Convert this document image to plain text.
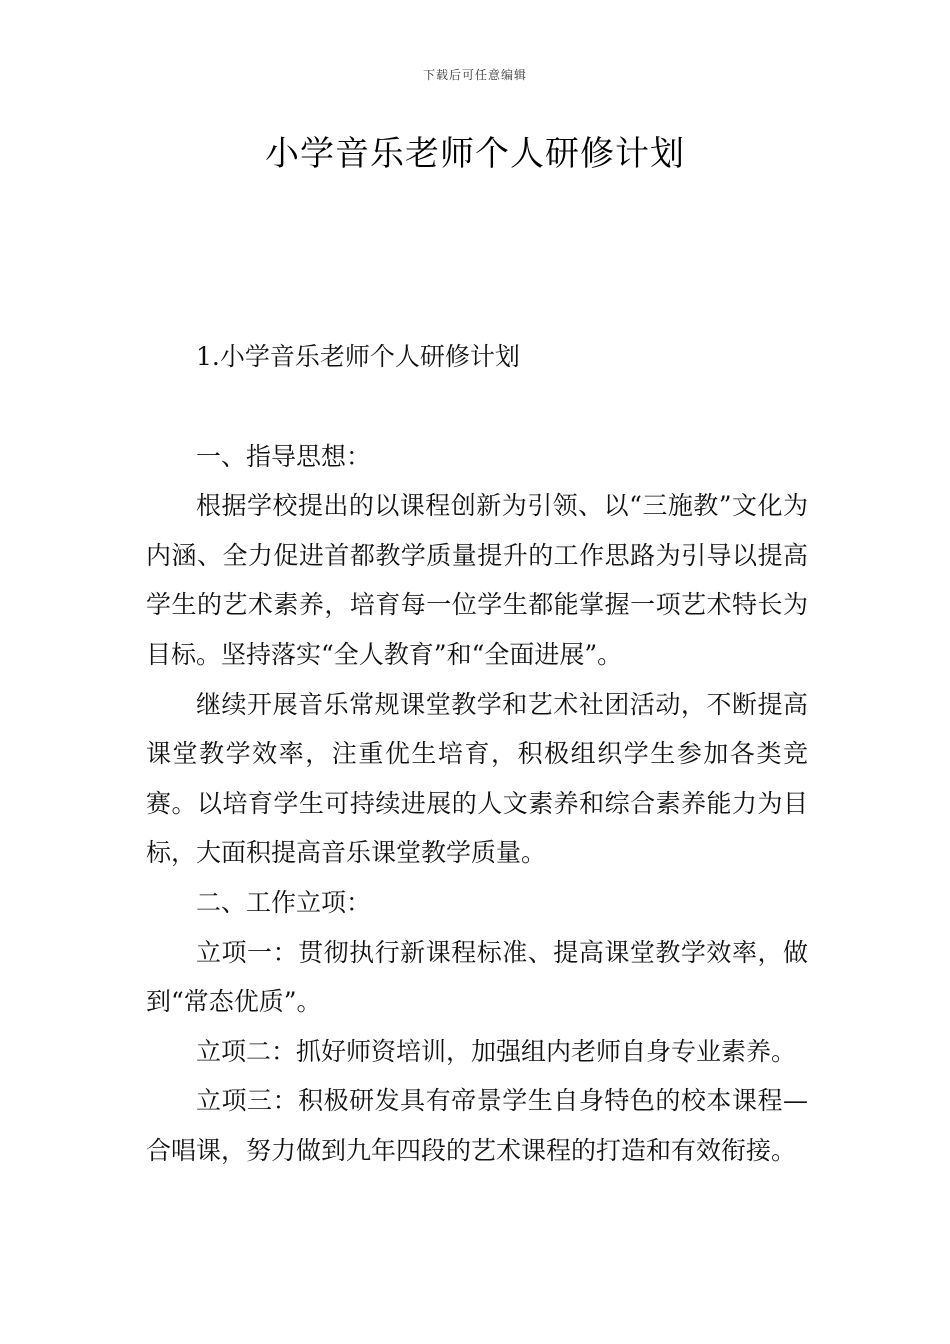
下载后可任意编辑
小学音乐老师个人研修计划

1.小学音乐老师个人研修计划

一、指导思想：

根据学校提出的以课程创新为引领、以“三施教”文化为内涵、全力促进首都教学质量提升的工作思路为引导以提高学生的艺术素养，培育每一位学生都能掌握一项艺术特长为目标。坚持落实“全人教育”和“全面进展”。

继续开展音乐常规课堂教学和艺术社团活动，不断提高课堂教学效率，注重优生培育，积极组织学生参加各类竞赛。以培育学生可持续进展的人文素养和综合素养能力为目标，大面积提高音乐课堂教学质量。

二、工作立项：

立项一：贯彻执行新课程标准、提高课堂教学效率，做到“常态优质”。

立项二：抓好师资培训，加强组内老师自身专业素养。

立项三：积极研发具有帝景学生自身特色的校本课程—合唱课，努力做到九年四段的艺术课程的打造和有效衔接。
